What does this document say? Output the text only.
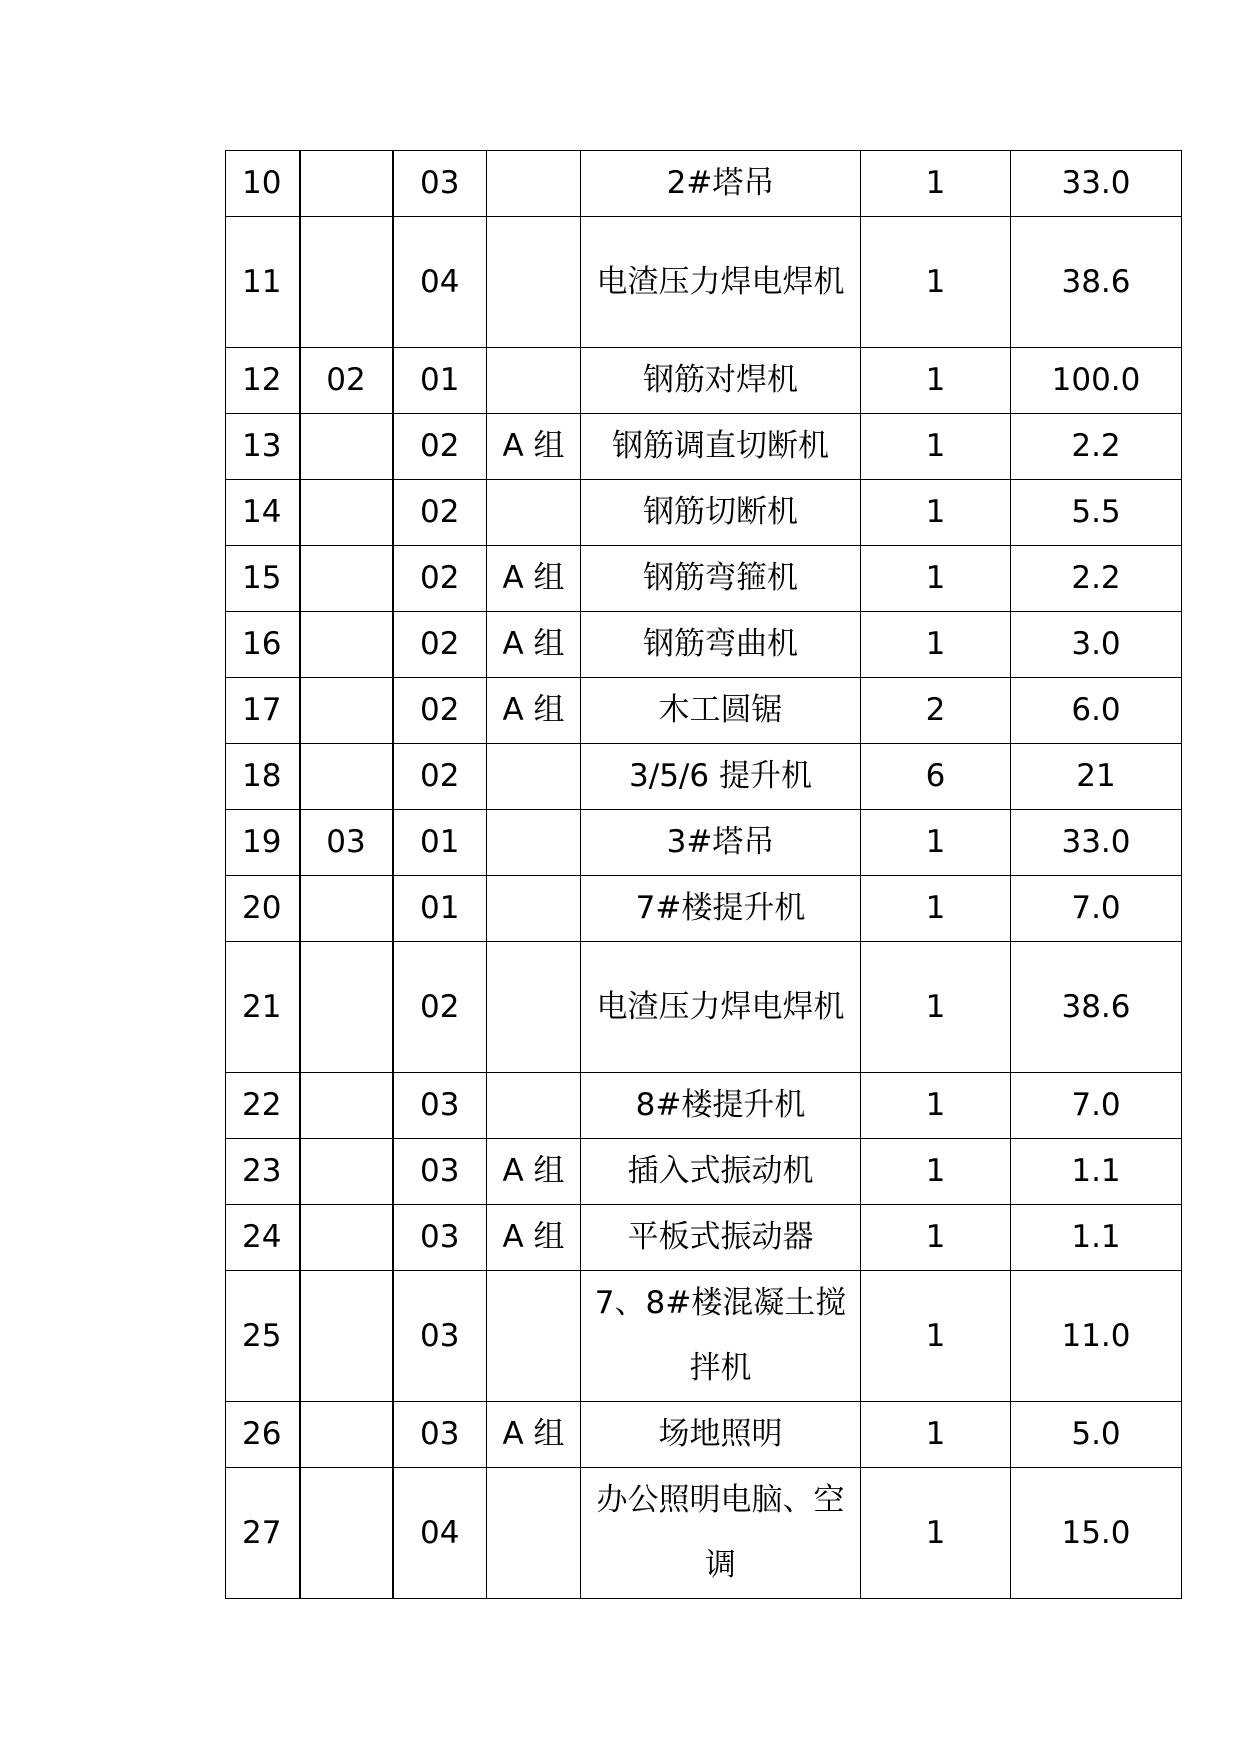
10		03		2#塔吊	1	33.0
11		04		电渣压力焊电焊机	1	38.6
12	02	01		钢筋对焊机	1	100.0
13		02	A 组	钢筋调直切断机	1	2.2
14		02		钢筋切断机	1	5.5
15		02	A 组	钢筋弯箍机	1	2.2
16		02	A 组	钢筋弯曲机	1	3.0
17		02	A 组	木工圆锯	2	6.0
18		02		3/5/6 提升机	6	21
19	03	01		3#塔吊	1	33.0
20		01		7#楼提升机	1	7.0
21		02		电渣压力焊电焊机	1	38.6
22		03		8#楼提升机	1	7.0
23		03	A 组	插入式振动机	1	1.1
24		03	A 组	平板式振动器	1	1.1
25		03		7、8#楼混凝土搅拌机	1	11.0
26		03	A 组	场地照明	1	5.0
27		04		办公照明电脑、空调	1	15.0
